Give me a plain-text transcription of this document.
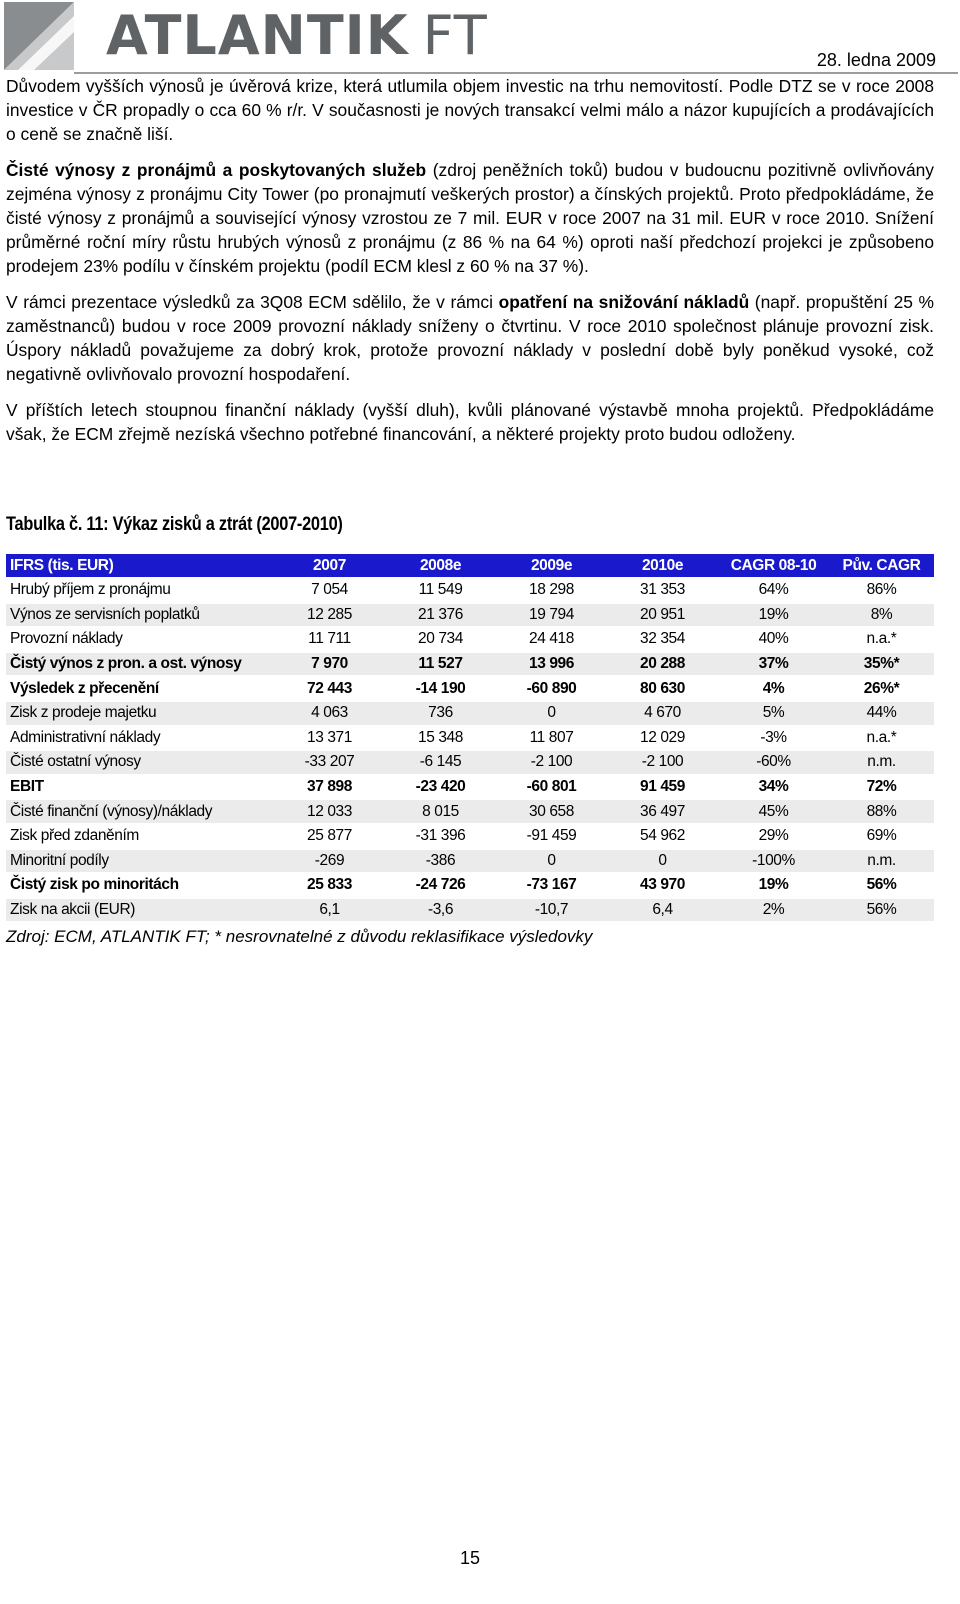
ATLANTIK FT	28. ledna 2009

Důvodem vyšších výnosů je úvěrová krize, která utlumila objem investic na trhu nemovitostí. Podle DTZ se v roce 2008 investice v ČR propadly o cca 60 % r/r. V současnosti je nových transakcí velmi málo a názor kupujících a prodávajících o ceně se značně liší.

Čisté výnosy z pronájmů a poskytovaných služeb (zdroj peněžních toků) budou v budoucnu pozitivně ovlivňovány zejména výnosy z pronájmu City Tower (po pronajmutí veškerých prostor) a čínských projektů. Proto předpokládáme, že čisté výnosy z pronájmů a související výnosy vzrostou ze 7 mil. EUR v roce 2007 na 31 mil. EUR v roce 2010. Snížení průměrné roční míry růstu hrubých výnosů z pronájmu (z 86 % na 64 %) oproti naší předchozí projekci je způsobeno prodejem 23% podílu v čínském projektu (podíl ECM klesl z 60 % na 37 %).

V rámci prezentace výsledků za 3Q08 ECM sdělilo, že v rámci opatření na snižování nákladů (např. propuštění 25 % zaměstnanců) budou v roce 2009 provozní náklady sníženy o čtvrtinu. V roce 2010 společnost plánuje provozní zisk. Úspory nákladů považujeme za dobrý krok, protože provozní náklady v poslední době byly poněkud vysoké, což negativně ovlivňovalo provozní hospodaření.

V příštích letech stoupnou finanční náklady (vyšší dluh), kvůli plánované výstavbě mnoha projektů. Předpokládáme však, že ECM zřejmě nezíská všechno potřebné financování, a některé projekty proto budou odloženy.

Tabulka č. 11: Výkaz zisků a ztrát (2007-2010)
IFRS (tis. EUR)	2007	2008e	2009e	2010e	CAGR 08-10	Pův. CAGR
Hrubý příjem z pronájmu	7 054	11 549	18 298	31 353	64%	86%
Výnos ze servisních poplatků	12 285	21 376	19 794	20 951	19%	8%
Provozní náklady	11 711	20 734	24 418	32 354	40%	n.a.*
Čistý výnos z pron. a ost. výnosy	7 970	11 527	13 996	20 288	37%	35%*
Výsledek z přecenění	72 443	-14 190	-60 890	80 630	4%	26%*
Zisk z prodeje majetku	4 063	736	0	4 670	5%	44%
Administrativní náklady	13 371	15 348	11 807	12 029	-3%	n.a.*
Čisté ostatní výnosy	-33 207	-6 145	-2 100	-2 100	-60%	n.m.
EBIT	37 898	-23 420	-60 801	91 459	34%	72%
Čisté finanční (výnosy)/náklady	12 033	8 015	30 658	36 497	45%	88%
Zisk před zdaněním	25 877	-31 396	-91 459	54 962	29%	69%
Minoritní podíly	-269	-386	0	0	-100%	n.m.
Čistý zisk po minoritách	25 833	-24 726	-73 167	43 970	19%	56%
Zisk na akcii (EUR)	6,1	-3,6	-10,7	6,4	2%	56%
Zdroj: ECM, ATLANTIK FT; * nesrovnatelné z důvodu reklasifikace výsledovky
15
